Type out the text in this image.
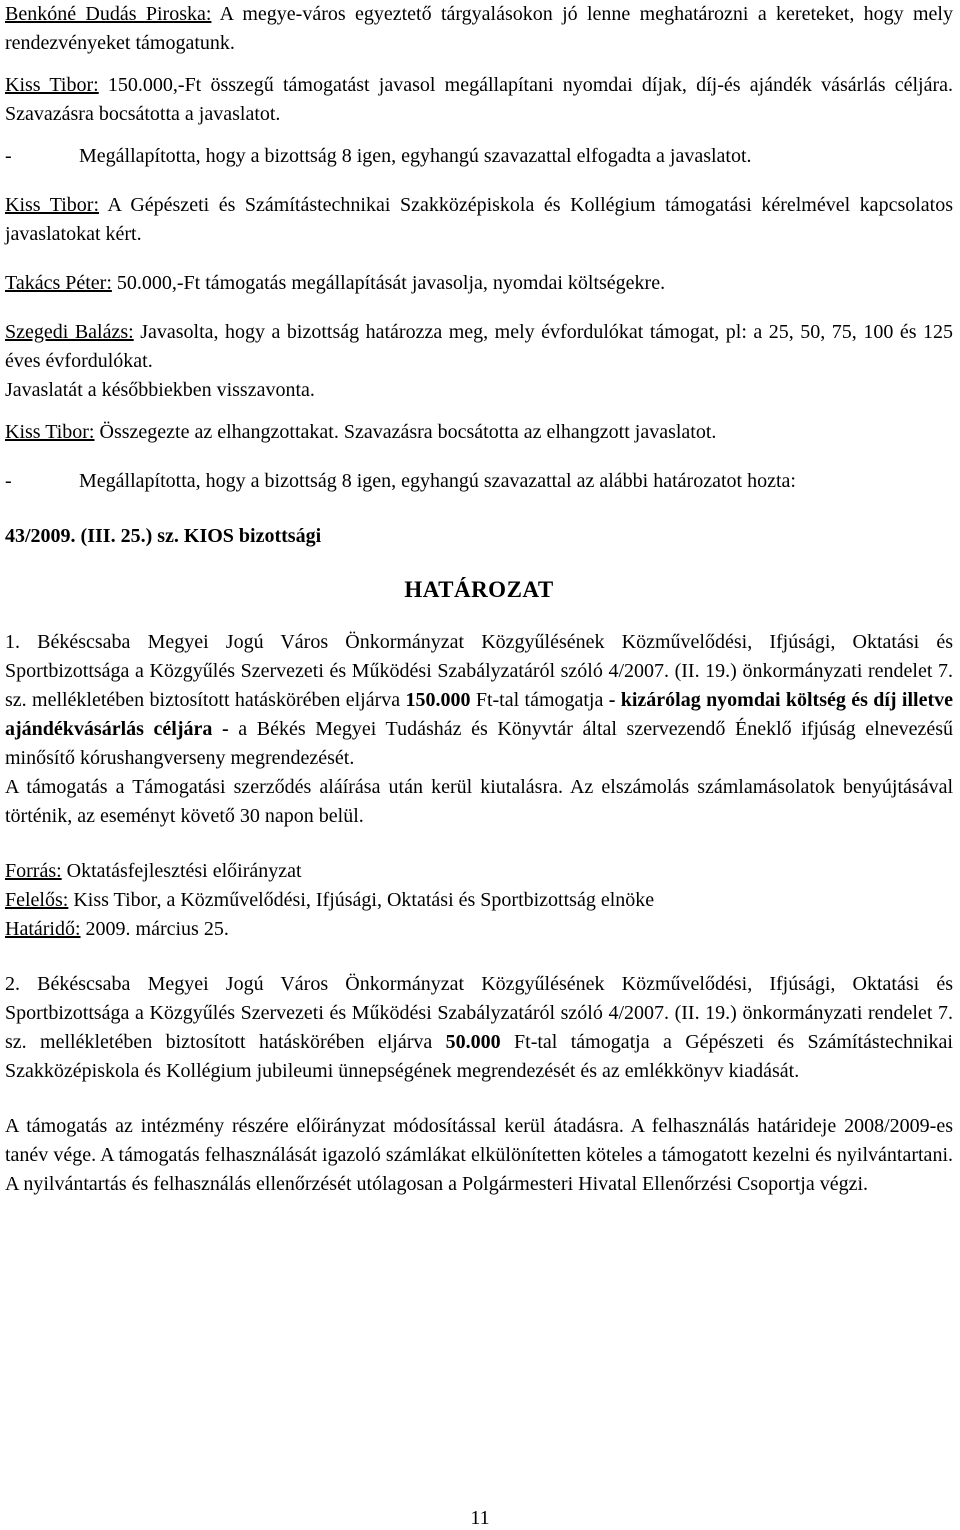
Benkóné Dudás Piroska: A megye-város egyeztető tárgyalásokon jó lenne meghatározni a kereteket, hogy mely rendezvényeket támogatunk.

Kiss Tibor: 150.000,-Ft összegű támogatást javasol megállapítani nyomdai díjak, díj-és ajándék vásárlás céljára. Szavazásra bocsátotta a javaslatot.

-	Megállapította, hogy a bizottság 8 igen, egyhangú szavazattal elfogadta a javaslatot.

Kiss Tibor: A Gépészeti és Számítástechnikai Szakközépiskola és Kollégium támogatási kérelmével kapcsolatos javaslatokat kért.

Takács Péter: 50.000,-Ft támogatás megállapítását javasolja, nyomdai költségekre.

Szegedi Balázs: Javasolta, hogy a bizottság határozza meg, mely évfordulókat támogat, pl: a 25, 50, 75, 100 és 125 éves évfordulókat.

Javaslatát a későbbiekben visszavonta.

Kiss Tibor: Összegezte az elhangzottakat. Szavazásra bocsátotta az elhangzott javaslatot.

-	Megállapította, hogy a bizottság 8 igen, egyhangú szavazattal az alábbi határozatot hozta:

43/2009. (III. 25.) sz. KIOS bizottsági

HATÁROZAT

1. Békéscsaba Megyei Jogú Város Önkormányzat Közgyűlésének Közművelődési, Ifjúsági, Oktatási és Sportbizottsága a Közgyűlés Szervezeti és Működési Szabályzatáról szóló 4/2007. (II. 19.) önkormányzati rendelet 7. sz. mellékletében biztosított hatáskörében eljárva 150.000 Ft-tal támogatja - kizárólag nyomdai költség és díj illetve ajándékvásárlás céljára - a Békés Megyei Tudásház és Könyvtár által szervezendő Éneklő ifjúság elnevezésű minősítő kórushangverseny megrendezését.

A támogatás a Támogatási szerződés aláírása után kerül kiutalásra. Az elszámolás számlamásolatok benyújtásával történik, az eseményt követő 30 napon belül.

Forrás: Oktatásfejlesztési előirányzat

Felelős: Kiss Tibor, a Közművelődési, Ifjúsági, Oktatási és Sportbizottság elnöke

Határidő: 2009. március 25.

2. Békéscsaba Megyei Jogú Város Önkormányzat Közgyűlésének Közművelődési, Ifjúsági, Oktatási és Sportbizottsága a Közgyűlés Szervezeti és Működési Szabályzatáról szóló 4/2007. (II. 19.) önkormányzati rendelet 7. sz. mellékletében biztosított hatáskörében eljárva 50.000 Ft-tal támogatja a Gépészeti és Számítástechnikai Szakközépiskola és Kollégium jubileumi ünnepségének megrendezését és az emlékkönyv kiadását.

A támogatás az intézmény részére előirányzat módosítással kerül átadásra. A felhasználás határideje 2008/2009-es tanév vége. A támogatás felhasználását igazoló számlákat elkülönítetten köteles a támogatott kezelni és nyilvántartani. A nyilvántartás és felhasználás ellenőrzését utólagosan a Polgármesteri Hivatal Ellenőrzési Csoportja végzi.

11
